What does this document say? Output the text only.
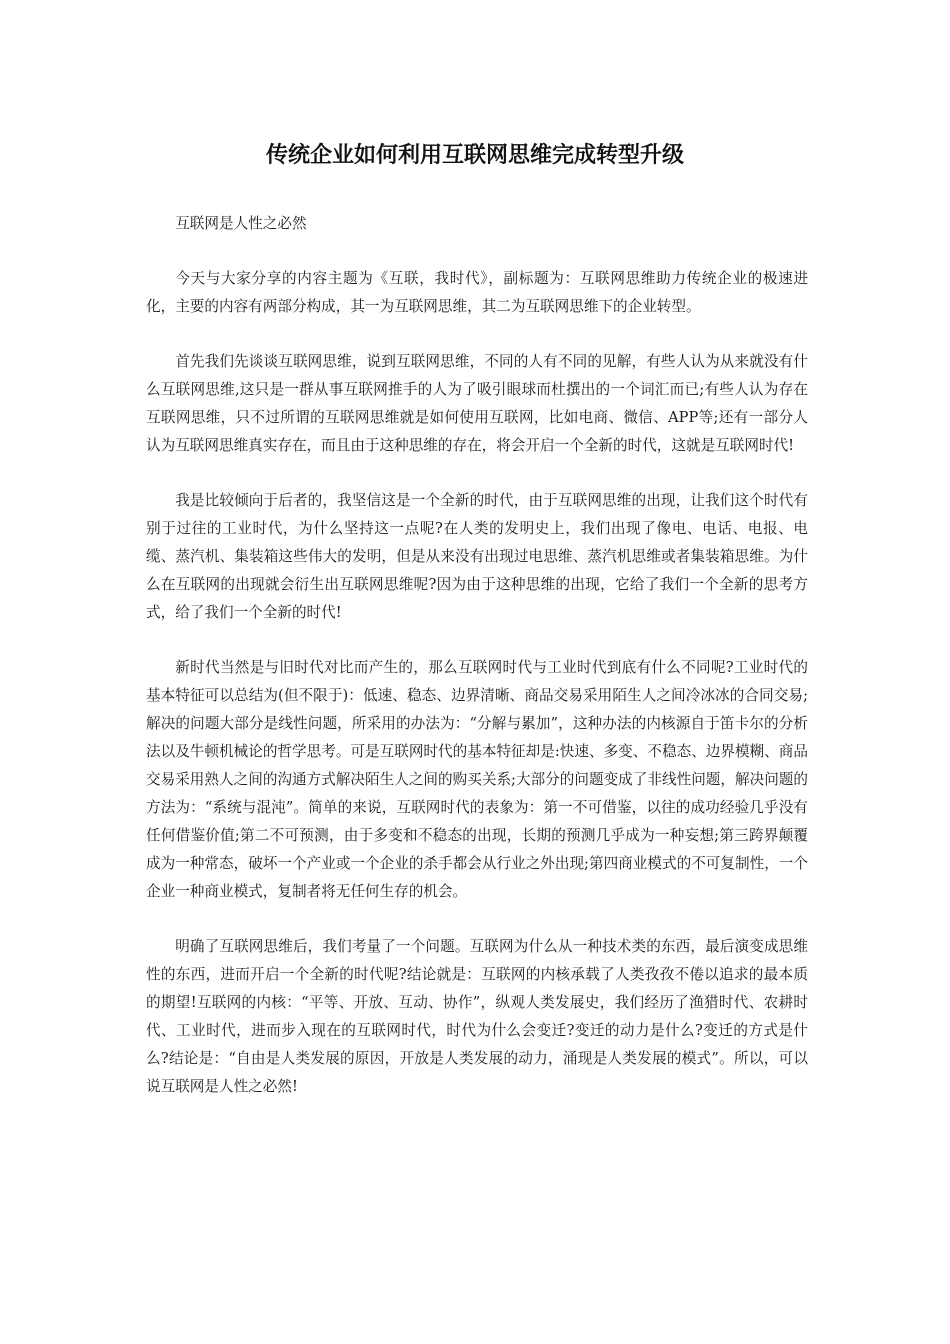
传统企业如何利用互联网思维完成转型升级

互联网是人性之必然

今天与大家分享的内容主题为《互联，我时代》，副标题为：互联网思维助力传统企业的极速进化，主要的内容有两部分构成，其一为互联网思维，其二为互联网思维下的企业转型。

首先我们先谈谈互联网思维，说到互联网思维，不同的人有不同的见解，有些人认为从来就没有什么互联网思维,这只是一群从事互联网推手的人为了吸引眼球而杜撰出的一个词汇而已;有些人认为存在互联网思维，只不过所谓的互联网思维就是如何使用互联网，比如电商、微信、APP等;还有一部分人认为互联网思维真实存在，而且由于这种思维的存在，将会开启一个全新的时代，这就是互联网时代!

我是比较倾向于后者的，我坚信这是一个全新的时代，由于互联网思维的出现，让我们这个时代有别于过往的工业时代，为什么坚持这一点呢?在人类的发明史上，我们出现了像电、电话、电报、电缆、蒸汽机、集装箱这些伟大的发明，但是从来没有出现过电思维、蒸汽机思维或者集装箱思维。为什么在互联网的出现就会衍生出互联网思维呢?因为由于这种思维的出现，它给了我们一个全新的思考方式，给了我们一个全新的时代!

新时代当然是与旧时代对比而产生的，那么互联网时代与工业时代到底有什么不同呢?工业时代的基本特征可以总结为(但不限于)：低速、稳态、边界清晰、商品交易采用陌生人之间冷冰冰的合同交易;解决的问题大部分是线性问题，所采用的办法为：“分解与累加”，这种办法的内核源自于笛卡尔的分析法以及牛顿机械论的哲学思考。可是互联网时代的基本特征却是:快速、多变、不稳态、边界模糊、商品交易采用熟人之间的沟通方式解决陌生人之间的购买关系;大部分的问题变成了非线性问题，解决问题的方法为：“系统与混沌”。简单的来说，互联网时代的表象为：第一不可借鉴，以往的成功经验几乎没有任何借鉴价值;第二不可预测，由于多变和不稳态的出现，长期的预测几乎成为一种妄想;第三跨界颠覆成为一种常态，破坏一个产业或一个企业的杀手都会从行业之外出现;第四商业模式的不可复制性，一个企业一种商业模式，复制者将无任何生存的机会。

明确了互联网思维后，我们考量了一个问题。互联网为什么从一种技术类的东西，最后演变成思维性的东西，进而开启一个全新的时代呢?结论就是：互联网的内核承载了人类孜孜不倦以追求的最本质的期望!互联网的内核：“平等、开放、互动、协作”，纵观人类发展史，我们经历了渔猎时代、农耕时代、工业时代，进而步入现在的互联网时代，时代为什么会变迁?变迁的动力是什么?变迁的方式是什么?结论是：“自由是人类发展的原因，开放是人类发展的动力，涌现是人类发展的模式”。所以，可以说互联网是人性之必然!
